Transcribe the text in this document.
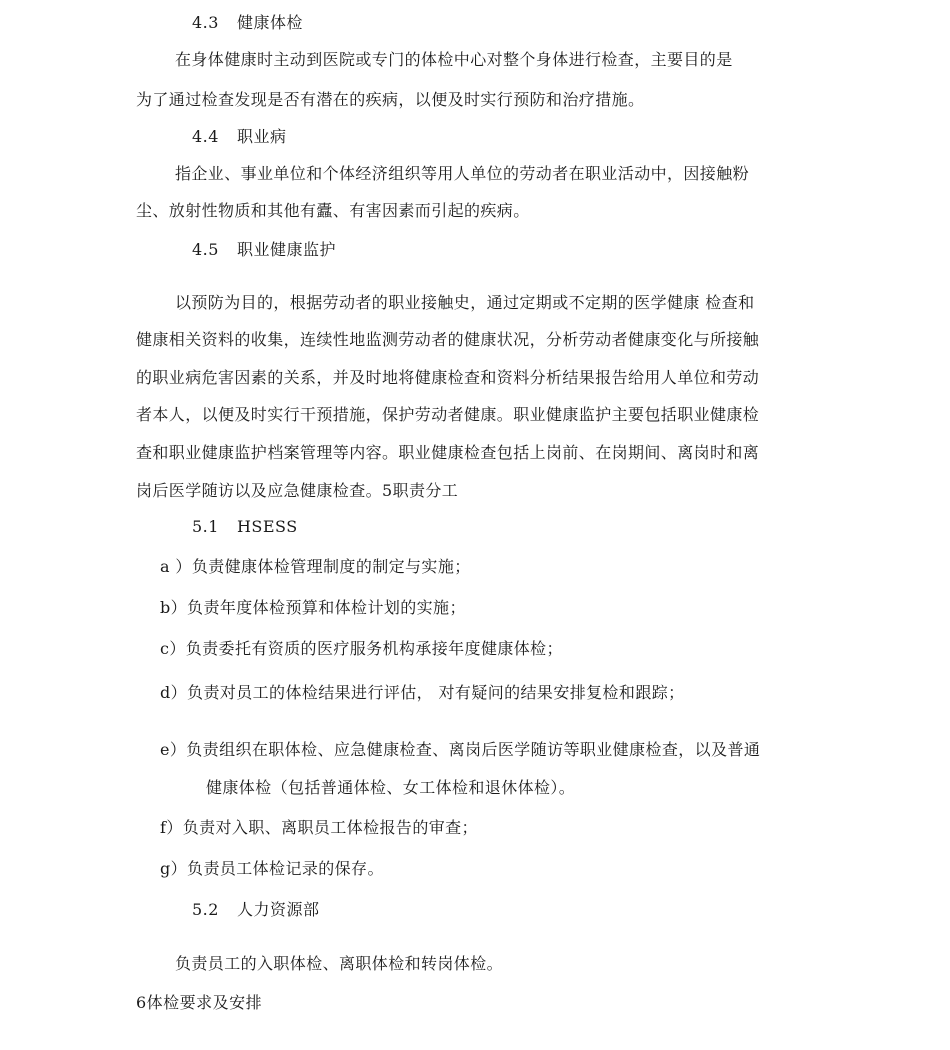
4.3 健康体检
在身体健康时主动到医院或专门的体检中心对整个身体进行检查，主要目的是
为了通过检查发现是否有潜在的疾病，以便及时实行预防和治疗措施。
4.4 职业病
指企业、事业单位和个体经济组织等用人单位的劳动者在职业活动中，因接触粉
尘、放射性物质和其他有蠹、有害因素而引起的疾病。
4.5 职业健康监护
以预防为目的，根据劳动者的职业接触史，通过定期或不定期的医学健康 检查和
健康相关资料的收集，连续性地监测劳动者的健康状况，分析劳动者健康变化与所接触
的职业病危害因素的关系，并及时地将健康检查和资料分析结果报告给用人单位和劳动
者本人，以便及时实行干预措施，保护劳动者健康。职业健康监护主要包括职业健康检
查和职业健康监护档案管理等内容。职业健康检查包括上岗前、在岗期间、离岗时和离
岗后医学随访以及应急健康检查。5职责分工
5.1 HSESS
a ）负责健康体检管理制度的制定与实施；
b）负责年度体检预算和体检计划的实施；
c）负责委托有资质的医疗服务机构承接年度健康体检；
d）负责对员工的体检结果进行评估， 对有疑问的结果安排复检和跟踪；
e）负责组织在职体检、应急健康检查、离岗后医学随访等职业健康检查，以及普通
健康体检（包括普通体检、女工体检和退休体检）。
f）负责对入职、离职员工体检报告的审查；
g）负责员工体检记录的保存。
5.2 人力资源部
负责员工的入职体检、离职体检和转岗体检。
6体检要求及安排
